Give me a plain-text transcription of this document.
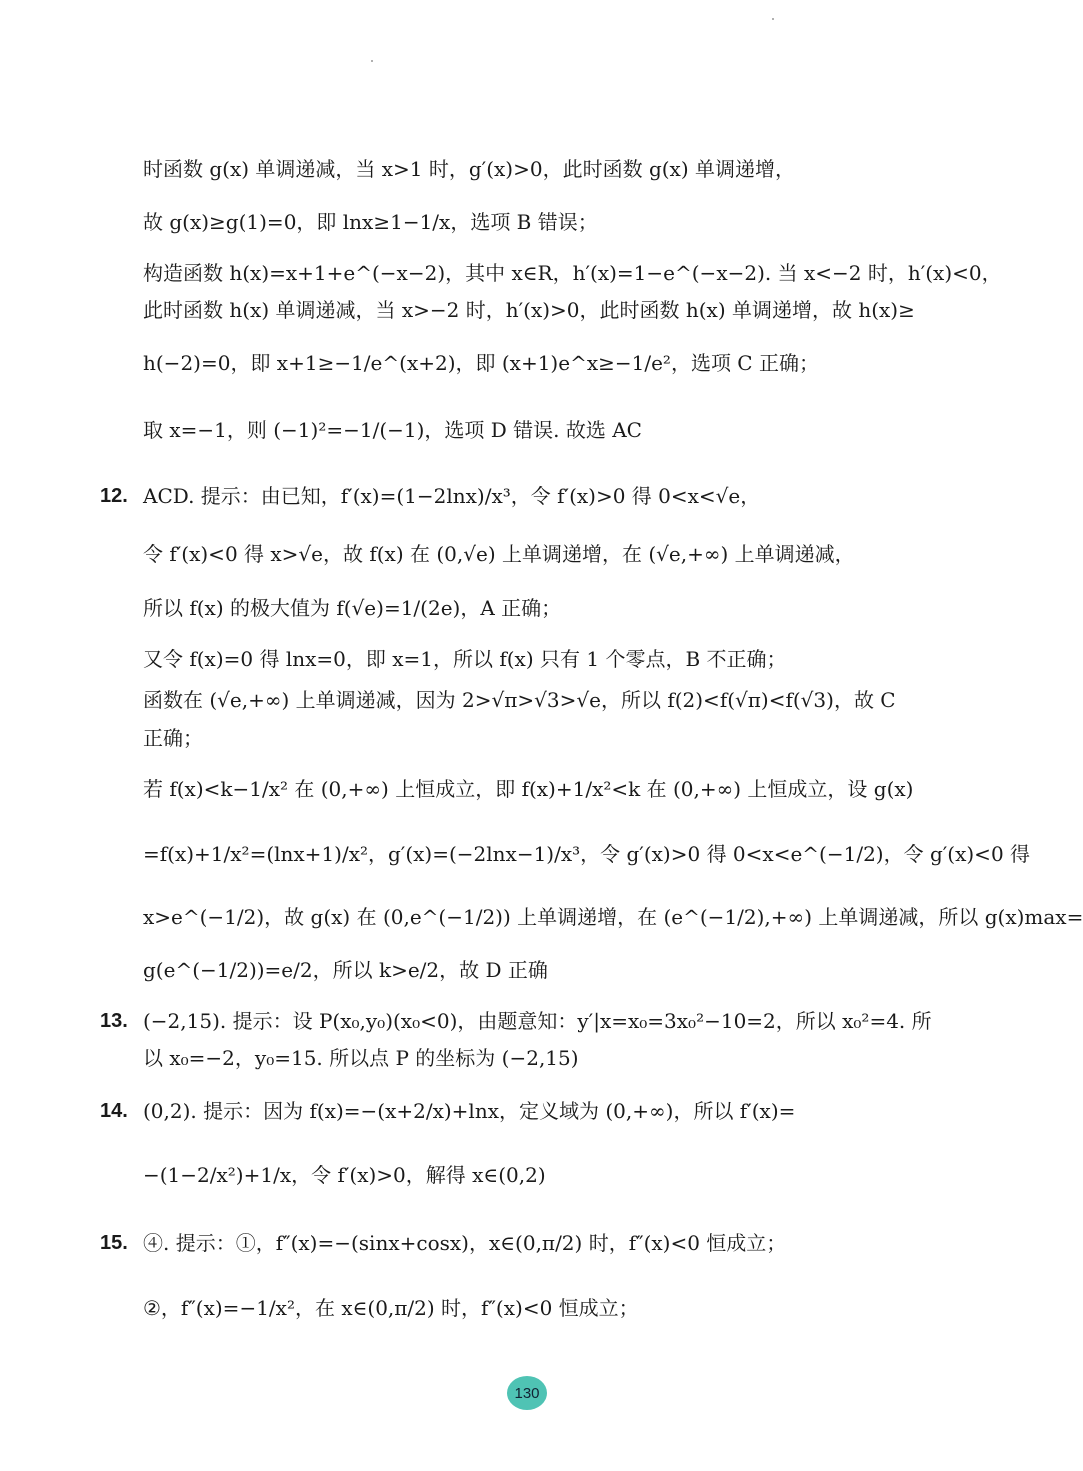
时函数 g(x) 单调递减，当 x>1 时，g′(x)>0，此时函数 g(x) 单调递增，
故 g(x)≥g(1)=0，即 lnx≥1−1/x，选项 B 错误；
构造函数 h(x)=x+1+e^(−x−2)，其中 x∈R，h′(x)=1−e^(−x−2). 当 x<−2 时，h′(x)<0，
此时函数 h(x) 单调递减，当 x>−2 时，h′(x)>0，此时函数 h(x) 单调递增，故 h(x)≥
h(−2)=0，即 x+1≥−1/e^(x+2)，即 (x+1)e^x≥−1/e²，选项 C 正确；
取 x=−1，则 (−1)²=−1/(−1)，选项 D 错误. 故选 AC
12. ACD. 提示：由已知，f′(x)=(1−2lnx)/x³，令 f′(x)>0 得 0<x<√e，
令 f′(x)<0 得 x>√e，故 f(x) 在 (0,√e) 上单调递增，在 (√e,+∞) 上单调递减，
所以 f(x) 的极大值为 f(√e)=1/(2e)，A 正确；
又令 f(x)=0 得 lnx=0，即 x=1，所以 f(x) 只有 1 个零点，B 不正确；
函数在 (√e,+∞) 上单调递减，因为 2>√π>√3>√e，所以 f(2)<f(√π)<f(√3)，故 C
正确；
若 f(x)<k−1/x² 在 (0,+∞) 上恒成立，即 f(x)+1/x²<k 在 (0,+∞) 上恒成立，设 g(x)
=f(x)+1/x²=(lnx+1)/x²，g′(x)=(−2lnx−1)/x³，令 g′(x)>0 得 0<x<e^(−1/2)，令 g′(x)<0 得
x>e^(−1/2)，故 g(x) 在 (0,e^(−1/2)) 上单调递增，在 (e^(−1/2),+∞) 上单调递减，所以 g(x)max=
g(e^(−1/2))=e/2，所以 k>e/2，故 D 正确
13. (−2,15). 提示：设 P(x₀,y₀)(x₀<0)，由题意知：y′|x=x₀=3x₀²−10=2，所以 x₀²=4. 所
以 x₀=−2，y₀=15. 所以点 P 的坐标为 (−2,15)
14. (0,2). 提示：因为 f(x)=−(x+2/x)+lnx，定义域为 (0,+∞)，所以 f′(x)=
−(1−2/x²)+1/x，令 f′(x)>0，解得 x∈(0,2)
15. ④. 提示：①，f″(x)=−(sinx+cosx)，x∈(0,π/2) 时，f″(x)<0 恒成立；
②，f″(x)=−1/x²，在 x∈(0,π/2) 时，f″(x)<0 恒成立；
130
